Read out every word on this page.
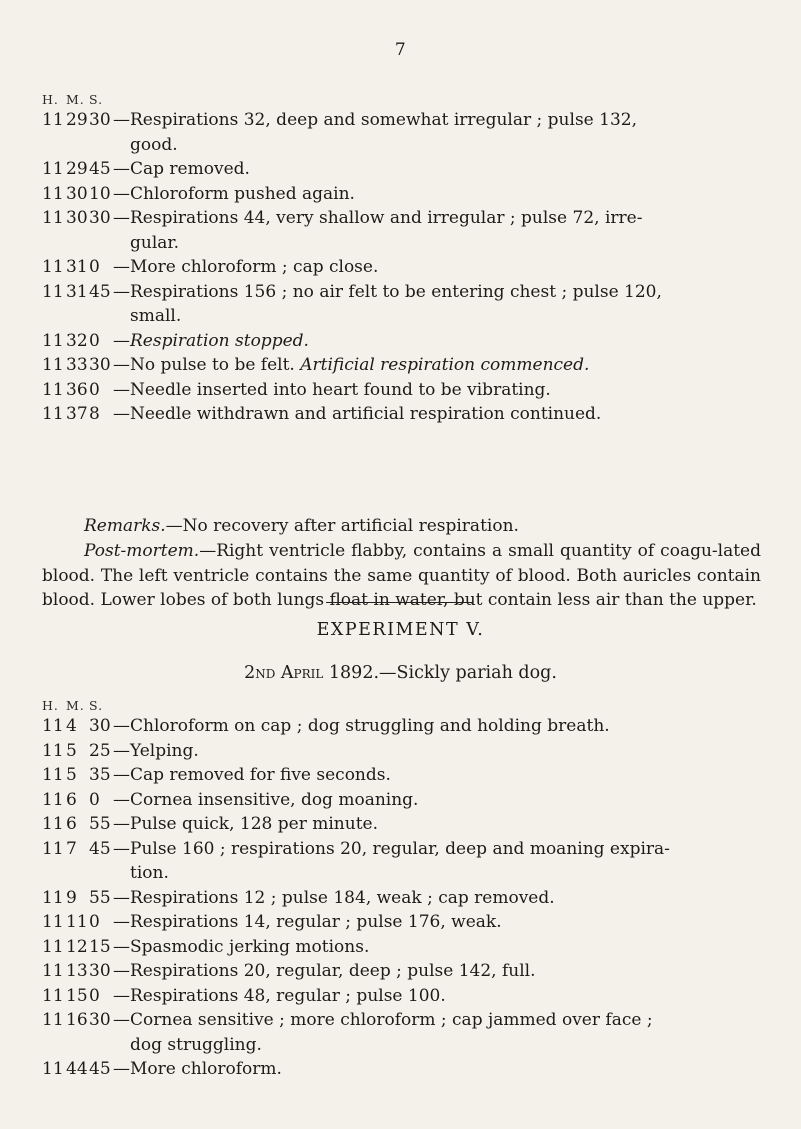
7
H. M. S.
11 29 30 — Respirations 32, deep and somewhat irregular ; pulse 132,
good.
11 29 45 — Cap removed.
11 30 10 — Chloroform pushed again.
11 30 30 — Respirations 44, very shallow and irregular ; pulse 72, irre-
gular.
11 31 0 — More chloroform ; cap close.
11 31 45 — Respirations 156 ; no air felt to be entering chest ; pulse 120,
small.
11 32 0 — Respiration stopped.
11 33 30 — No pulse to be felt. Artificial respiration commenced.
11 36 0 — Needle inserted into heart found to be vibrating.
11 37 8 — Needle withdrawn and artificial respiration continued.
Remarks.—No recovery after artificial respiration.
Post-mortem.—Right ventricle flabby, contains a small quantity of coagu-lated blood. The left ventricle contains the same quantity of blood. Both auricles contain blood. Lower lobes of both lungs float in water, but contain less air than the upper.
EXPERIMENT V.
2nd April 1892.—Sickly pariah dog.
H. M. S.
11 4 30 — Chloroform on cap ; dog struggling and holding breath.
11 5 25 — Yelping.
11 5 35 — Cap removed for five seconds.
11 6 0 — Cornea insensitive, dog moaning.
11 6 55 — Pulse quick, 128 per minute.
11 7 45 — Pulse 160 ; respirations 20, regular, deep and moaning expira-
tion.
11 9 55 — Respirations 12 ; pulse 184, weak ; cap removed.
11 11 0 — Respirations 14, regular ; pulse 176, weak.
11 12 15 — Spasmodic jerking motions.
11 13 30 — Respirations 20, regular, deep ; pulse 142, full.
11 15 0 — Respirations 48, regular ; pulse 100.
11 16 30 — Cornea sensitive ; more chloroform ; cap jammed over face ;
dog struggling.
11 44 45 — More chloroform.
